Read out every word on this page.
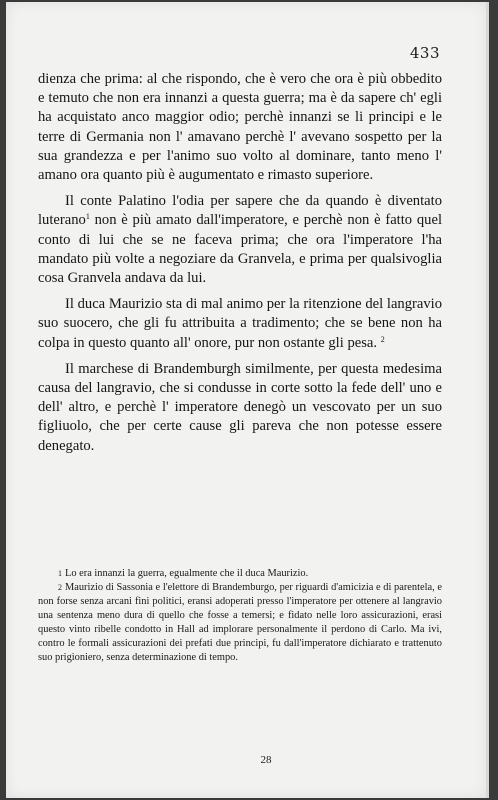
433

dienza che prima: al che rispondo, che è vero che ora è più obbedito e temuto che non era innanzi a questa guerra; ma è da sapere ch' egli ha acquistato anco maggior odio; perchè innanzi se li principi e le terre di Germania non l' amavano perchè l' avevano sospetto per la sua grandezza e per l'animo suo volto al dominare, tanto meno l' amano ora quanto più è augumentato e rimasto superiore.

Il conte Palatino l'odia per sapere che da quando è diventato luterano$^1$ non è più amato dall'imperatore, e perchè non è fatto quel conto di lui che se ne faceva prima; che ora l'imperatore l'ha mandato più volte a negoziare da Granvela, e prima per qualsivoglia cosa Granvela andava da lui.

Il duca Maurizio sta di mal animo per la ritenzione del langravio suo suocero, che gli fu attribuita a tradimento; che se bene non ha colpa in questo quanto all' onore, pur non ostante gli pesa. $^2$

Il marchese di Brandemburgh similmente, per questa medesima causa del langravio, che si condusse in corte sotto la fede dell' uno e dell' altro, e perchè l' imperatore denegò un vescovato per un suo figliuolo, che per certe cause gli pareva che non potesse essere denegato.

1 Lo era innanzi la guerra, egualmente che il duca Maurizio.

2 Maurizio di Sassonia e l'elettore di Brandemburgo, per riguardi d'amicizia e di parentela, e non forse senza arcani fini politici, eransi adoperati presso l'imperatore per ottenere al langravio una sentenza meno dura di quello che fosse a temersi; e fidato nelle loro assicurazioni, erasi questo vinto ribelle condotto in Hall ad implorare personalmente il perdono di Carlo. Ma ivi, contro le formali assicurazioni dei prefati due principi, fu dall'imperatore dichiarato e trattenuto suo prigioniero, senza determinazione di tempo.

28
